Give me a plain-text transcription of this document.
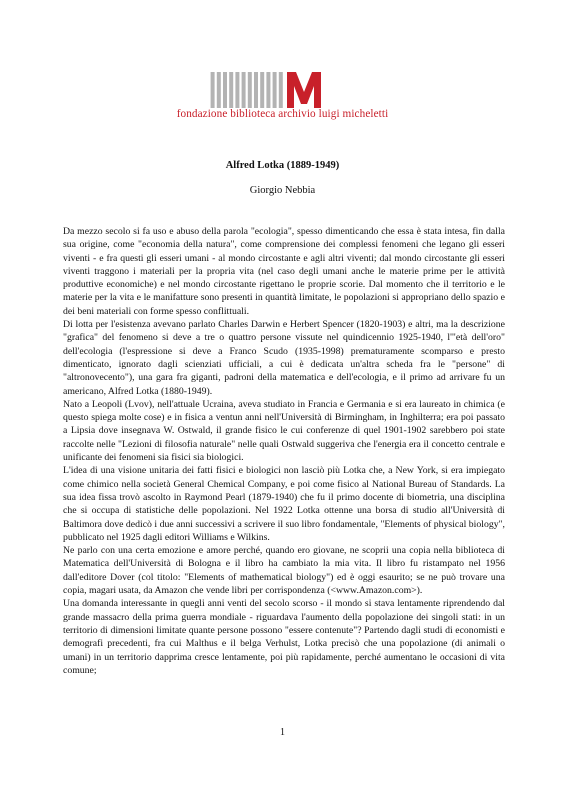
fondazione biblioteca archivio luigi micheletti
Alfred Lotka (1889-1949)
Giorgio Nebbia

Da mezzo secolo si fa uso e abuso della parola "ecologia", spesso dimenticando che essa è stata intesa, fin dalla sua origine, come "economia della natura", come comprensione dei complessi fenomeni che legano gli esseri viventi - e fra questi gli esseri umani - al mondo circostante e agli altri viventi; dal mondo circostante gli esseri viventi traggono i materiali per la propria vita (nel caso degli umani anche le materie prime per le attività produttive economiche) e nel mondo circostante rigettano le proprie scorie. Dal momento che il territorio e le materie per la vita e le manifatture sono presenti in quantità limitate, le popolazioni si appropriano dello spazio e dei beni materiali con forme spesso conflittuali.

Di lotta per l'esistenza avevano parlato Charles Darwin e Herbert Spencer (1820-1903) e altri, ma la descrizione "grafica" del fenomeno si deve a tre o quattro persone vissute nel quindicennio 1925-1940, l'"età dell'oro" dell'ecologia (l'espressione si deve a Franco Scudo (1935-1998) prematuramente scomparso e presto dimenticato, ignorato dagli scienziati ufficiali, a cui è dedicata un'altra scheda fra le "persone" di "altronovecento"), una gara fra giganti, padroni della matematica e dell'ecologia, e il primo ad arrivare fu un americano, Alfred Lotka (1880-1949).

Nato a Leopoli (Lvov), nell'attuale Ucraina, aveva studiato in Francia e Germania e si era laureato in chimica (e questo spiega molte cose) e in fisica a ventun anni nell'Università di Birmingham, in Inghilterra; era poi passato a Lipsia dove insegnava W. Ostwald, il grande fisico le cui conferenze di quel 1901-1902 sarebbero poi state raccolte nelle "Lezioni di filosofia naturale" nelle quali Ostwald suggeriva che l'energia era il concetto centrale e unificante dei fenomeni sia fisici sia biologici.

L'idea di una visione unitaria dei fatti fisici e biologici non lasciò più Lotka che, a New York, si era impiegato come chimico nella società General Chemical Company, e poi come fisico al National Bureau of Standards. La sua idea fissa trovò ascolto in Raymond Pearl (1879-1940) che fu il primo docente di biometria, una disciplina che si occupa di statistiche delle popolazioni. Nel 1922 Lotka ottenne una borsa di studio all'Università di Baltimora dove dedicò i due anni successivi a scrivere il suo libro fondamentale, "Elements of physical biology", pubblicato nel 1925 dagli editori Williams e Wilkins.

Ne parlo con una certa emozione e amore perché, quando ero giovane, ne scoprii una copia nella biblioteca di Matematica dell'Università di Bologna e il libro ha cambiato la mia vita. Il libro fu ristampato nel 1956 dall'editore Dover (col titolo: "Elements of mathematical biology") ed è oggi esaurito; se ne può trovare una copia, magari usata, da Amazon che vende libri per corrispondenza (<www.Amazon.com>).

Una domanda interessante in quegli anni venti del secolo scorso - il mondo si stava lentamente riprendendo dal grande massacro della prima guerra mondiale - riguardava l'aumento della popolazione dei singoli stati: in un territorio di dimensioni limitate quante persone possono "essere contenute"? Partendo dagli studi di economisti e demografi precedenti, fra cui Malthus e il belga Verhulst, Lotka precisò che una popolazione (di animali o umani) in un territorio dapprima cresce lentamente, poi più rapidamente, perché aumentano le occasioni di vita comune;

1
